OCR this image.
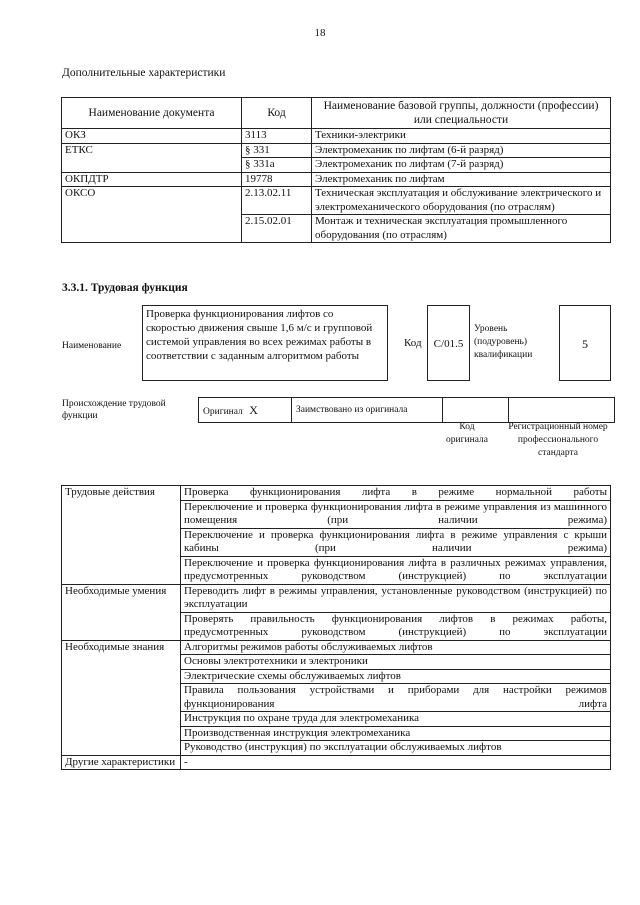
18
Дополнительные характеристики
Наименование документа	Код	Наименование базовой группы, должности (профессии) или специальности
ОКЗ	3113	Техники-электрики
ЕТКС	§ 331	Электромеханик по лифтам (6-й разряд)
	§ 331а	Электромеханик по лифтам (7-й разряд)
ОКПДТР	19778	Электромеханик по лифтам
ОКСО	2.13.02.11	Техническая эксплуатация и обслуживание электрического и электромеханического оборудования (по отраслям)
	2.15.02.01	Монтаж и техническая эксплуатация промышленного оборудования (по отраслям)
3.3.1. Трудовая функция
Наименование
Проверка функционирования лифтов со скоростью движения свыше 1,6 м/с и групповой системой управления во всех режимах работы в соответствии с заданным алгоритмом работы
Код	C/01.5
Уровень (подуровень) квалификации
5
Происхождение трудовой функции	Оригинал X	Заимствовано из оригинала		
Код оригинала
Регистрационный номер профессионального стандарта
Трудовые действия	Проверка функционирования лифта в режиме нормальной работы
	Переключение и проверка функционирования лифта в режиме управления из машинного помещения (при наличии режима)
	Переключение и проверка функционирования лифта в режиме управления с крыши кабины (при наличии режима)
	Переключение и проверка функционирования лифта в различных режимах управления, предусмотренных руководством (инструкцией) по эксплуатации
Необходимые умения	Переводить лифт в режимы управления, установленные руководством (инструкцией) по эксплуатации
	Проверять правильность функционирования лифтов в режимах работы, предусмотренных руководством (инструкцией) по эксплуатации
Необходимые знания	Алгоритмы режимов работы обслуживаемых лифтов
	Основы электротехники и электроники
	Электрические схемы обслуживаемых лифтов
	Правила пользования устройствами и приборами для настройки режимов функционирования лифта
	Инструкция по охране труда для электромеханика
	Производственная инструкция электромеханика
	Руководство (инструкция) по эксплуатации обслуживаемых лифтов
Другие характеристики	-
